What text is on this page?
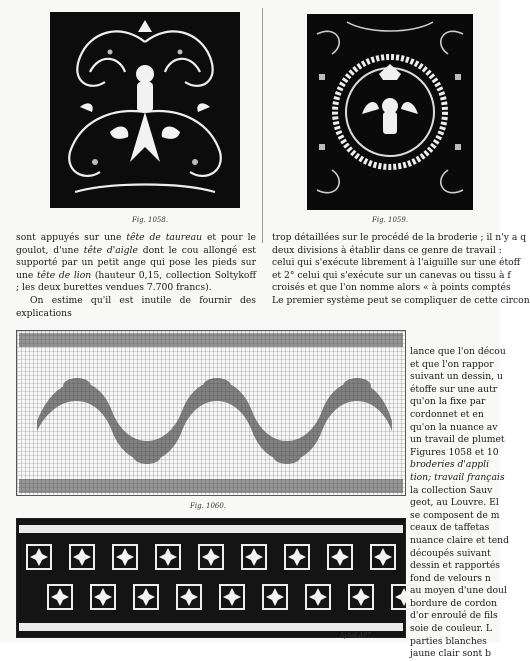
Fig. 1058.	Fig. 1059.

sont appuyés sur une tête de taureau et pour le goulot, d'une tête d'aigle dont le cou allongé est supporté par un petit ange qui pose les pieds sur une tête de lion (hauteur 0,15, collection Soltykoff ; les deux burettes vendues 7.700 francs).

On estime qu'il est inutile de fournir des explications

trop détaillées sur le procédé de la broderie ; il n'y a q
deux divisions à établir dans ce genre de travail :
celui qui s'exécute librement à l'aiguille sur une étoff
et 2° celui qui s'exécute sur un canevas ou tissu à f
croisés et que l'on nomme alors « à points comptés
Le premier système peut se compliquer de cette circon
Fig. 1060.
Ayhal-A87
lance que l'on décou
et que l'on rappor
suivant un dessin, u
étoffe sur une autr
qu'on la fixe par
cordonnet et en
qu'on la nuance av
un travail de plumet
Figures 1058 et 10
broderies d'appli
tion; travail français
la collection Sauv
geot, au Louvre. El
se composent de m
ceaux de taffetas
nuance claire et tend
découpés suivant
dessin et rapportés
fond de velours n
au moyen d'une doul
bordure de cordon
d'or enroulé de fils
soie de couleur. L
parties blanches
jaune clair sont b
